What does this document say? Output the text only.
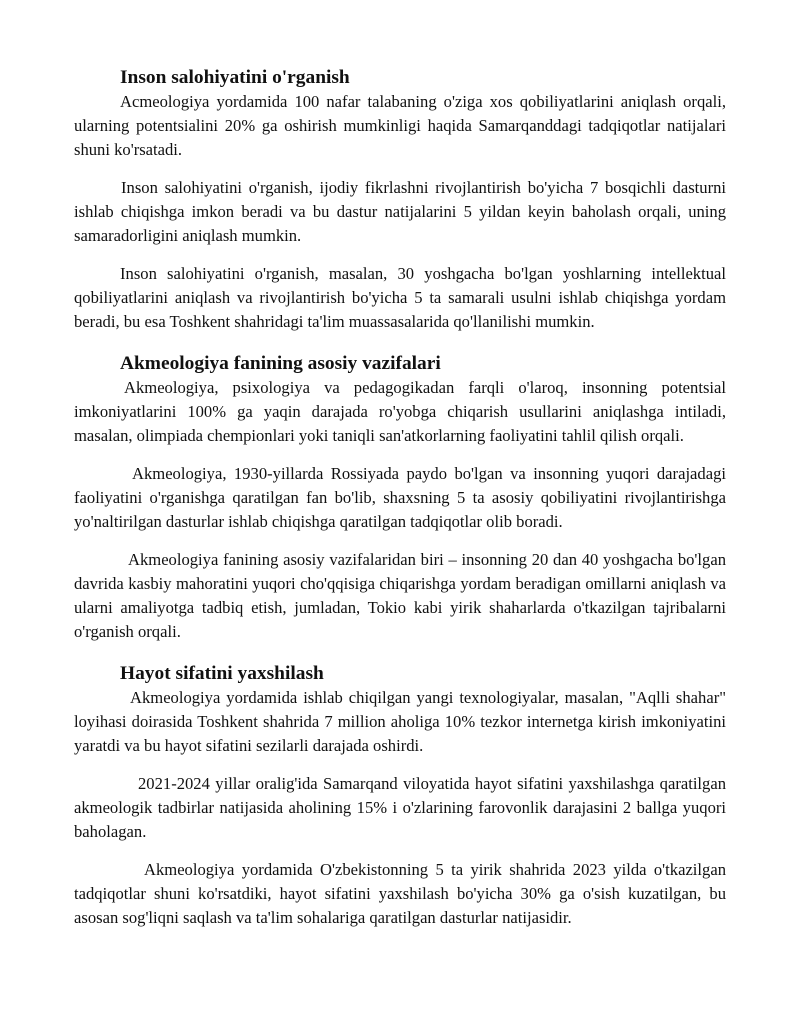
Inson salohiyatini o'rganish

Acmeologiya yordamida 100 nafar talabaning o'ziga xos qobiliyatlarini aniqlash orqali, ularning potentsialini 20% ga oshirish mumkinligi haqida Samarqanddagi tadqiqotlar natijalari shuni ko'rsatadi.

Inson salohiyatini o'rganish, ijodiy fikrlashni rivojlantirish bo'yicha 7 bosqichli dasturni ishlab chiqishga imkon beradi va bu dastur natijalarini 5 yildan keyin baholash orqali, uning samaradorligini aniqlash mumkin.

Inson salohiyatini o'rganish, masalan, 30 yoshgacha bo'lgan yoshlarning intellektual qobiliyatlarini aniqlash va rivojlantirish bo'yicha 5 ta samarali usulni ishlab chiqishga yordam beradi, bu esa Toshkent shahridagi ta'lim muassasalarida qo'llanilishi mumkin.

Akmeologiya fanining asosiy vazifalari

Akmeologiya, psixologiya va pedagogikadan farqli o'laroq, insonning potentsial imkoniyatlarini 100% ga yaqin darajada ro'yobga chiqarish usullarini aniqlashga intiladi, masalan, olimpiada chempionlari yoki taniqli san'atkorlarning faoliyatini tahlil qilish orqali.

Akmeologiya, 1930-yillarda Rossiyada paydo bo'lgan va insonning yuqori darajadagi faoliyatini o'rganishga qaratilgan fan bo'lib, shaxsning 5 ta asosiy qobiliyatini rivojlantirishga yo'naltirilgan dasturlar ishlab chiqishga qaratilgan tadqiqotlar olib boradi.

Akmeologiya fanining asosiy vazifalaridan biri – insonning 20 dan 40 yoshgacha bo'lgan davrida kasbiy mahoratini yuqori cho'qqisiga chiqarishga yordam beradigan omillarni aniqlash va ularni amaliyotga tadbiq etish, jumladan, Tokio kabi yirik shaharlarda o'tkazilgan tajribalarni o'rganish orqali.

Hayot sifatini yaxshilash

Akmeologiya yordamida ishlab chiqilgan yangi texnologiyalar, masalan, "Aqlli shahar" loyihasi doirasida Toshkent shahrida 7 million aholiga 10% tezkor internetga kirish imkoniyatini yaratdi va bu hayot sifatini sezilarli darajada oshirdi.

2021-2024 yillar oralig'ida Samarqand viloyatida hayot sifatini yaxshilashga qaratilgan akmeologik tadbirlar natijasida aholining 15% i o'zlarining farovonlik darajasini 2 ballga yuqori baholagan.

Akmeologiya yordamida O'zbekistonning 5 ta yirik shahrida 2023 yilda o'tkazilgan tadqiqotlar shuni ko'rsatdiki, hayot sifatini yaxshilash bo'yicha 30% ga o'sish kuzatilgan, bu asosan sog'liqni saqlash va ta'lim sohalariga qaratilgan dasturlar natijasidir.
